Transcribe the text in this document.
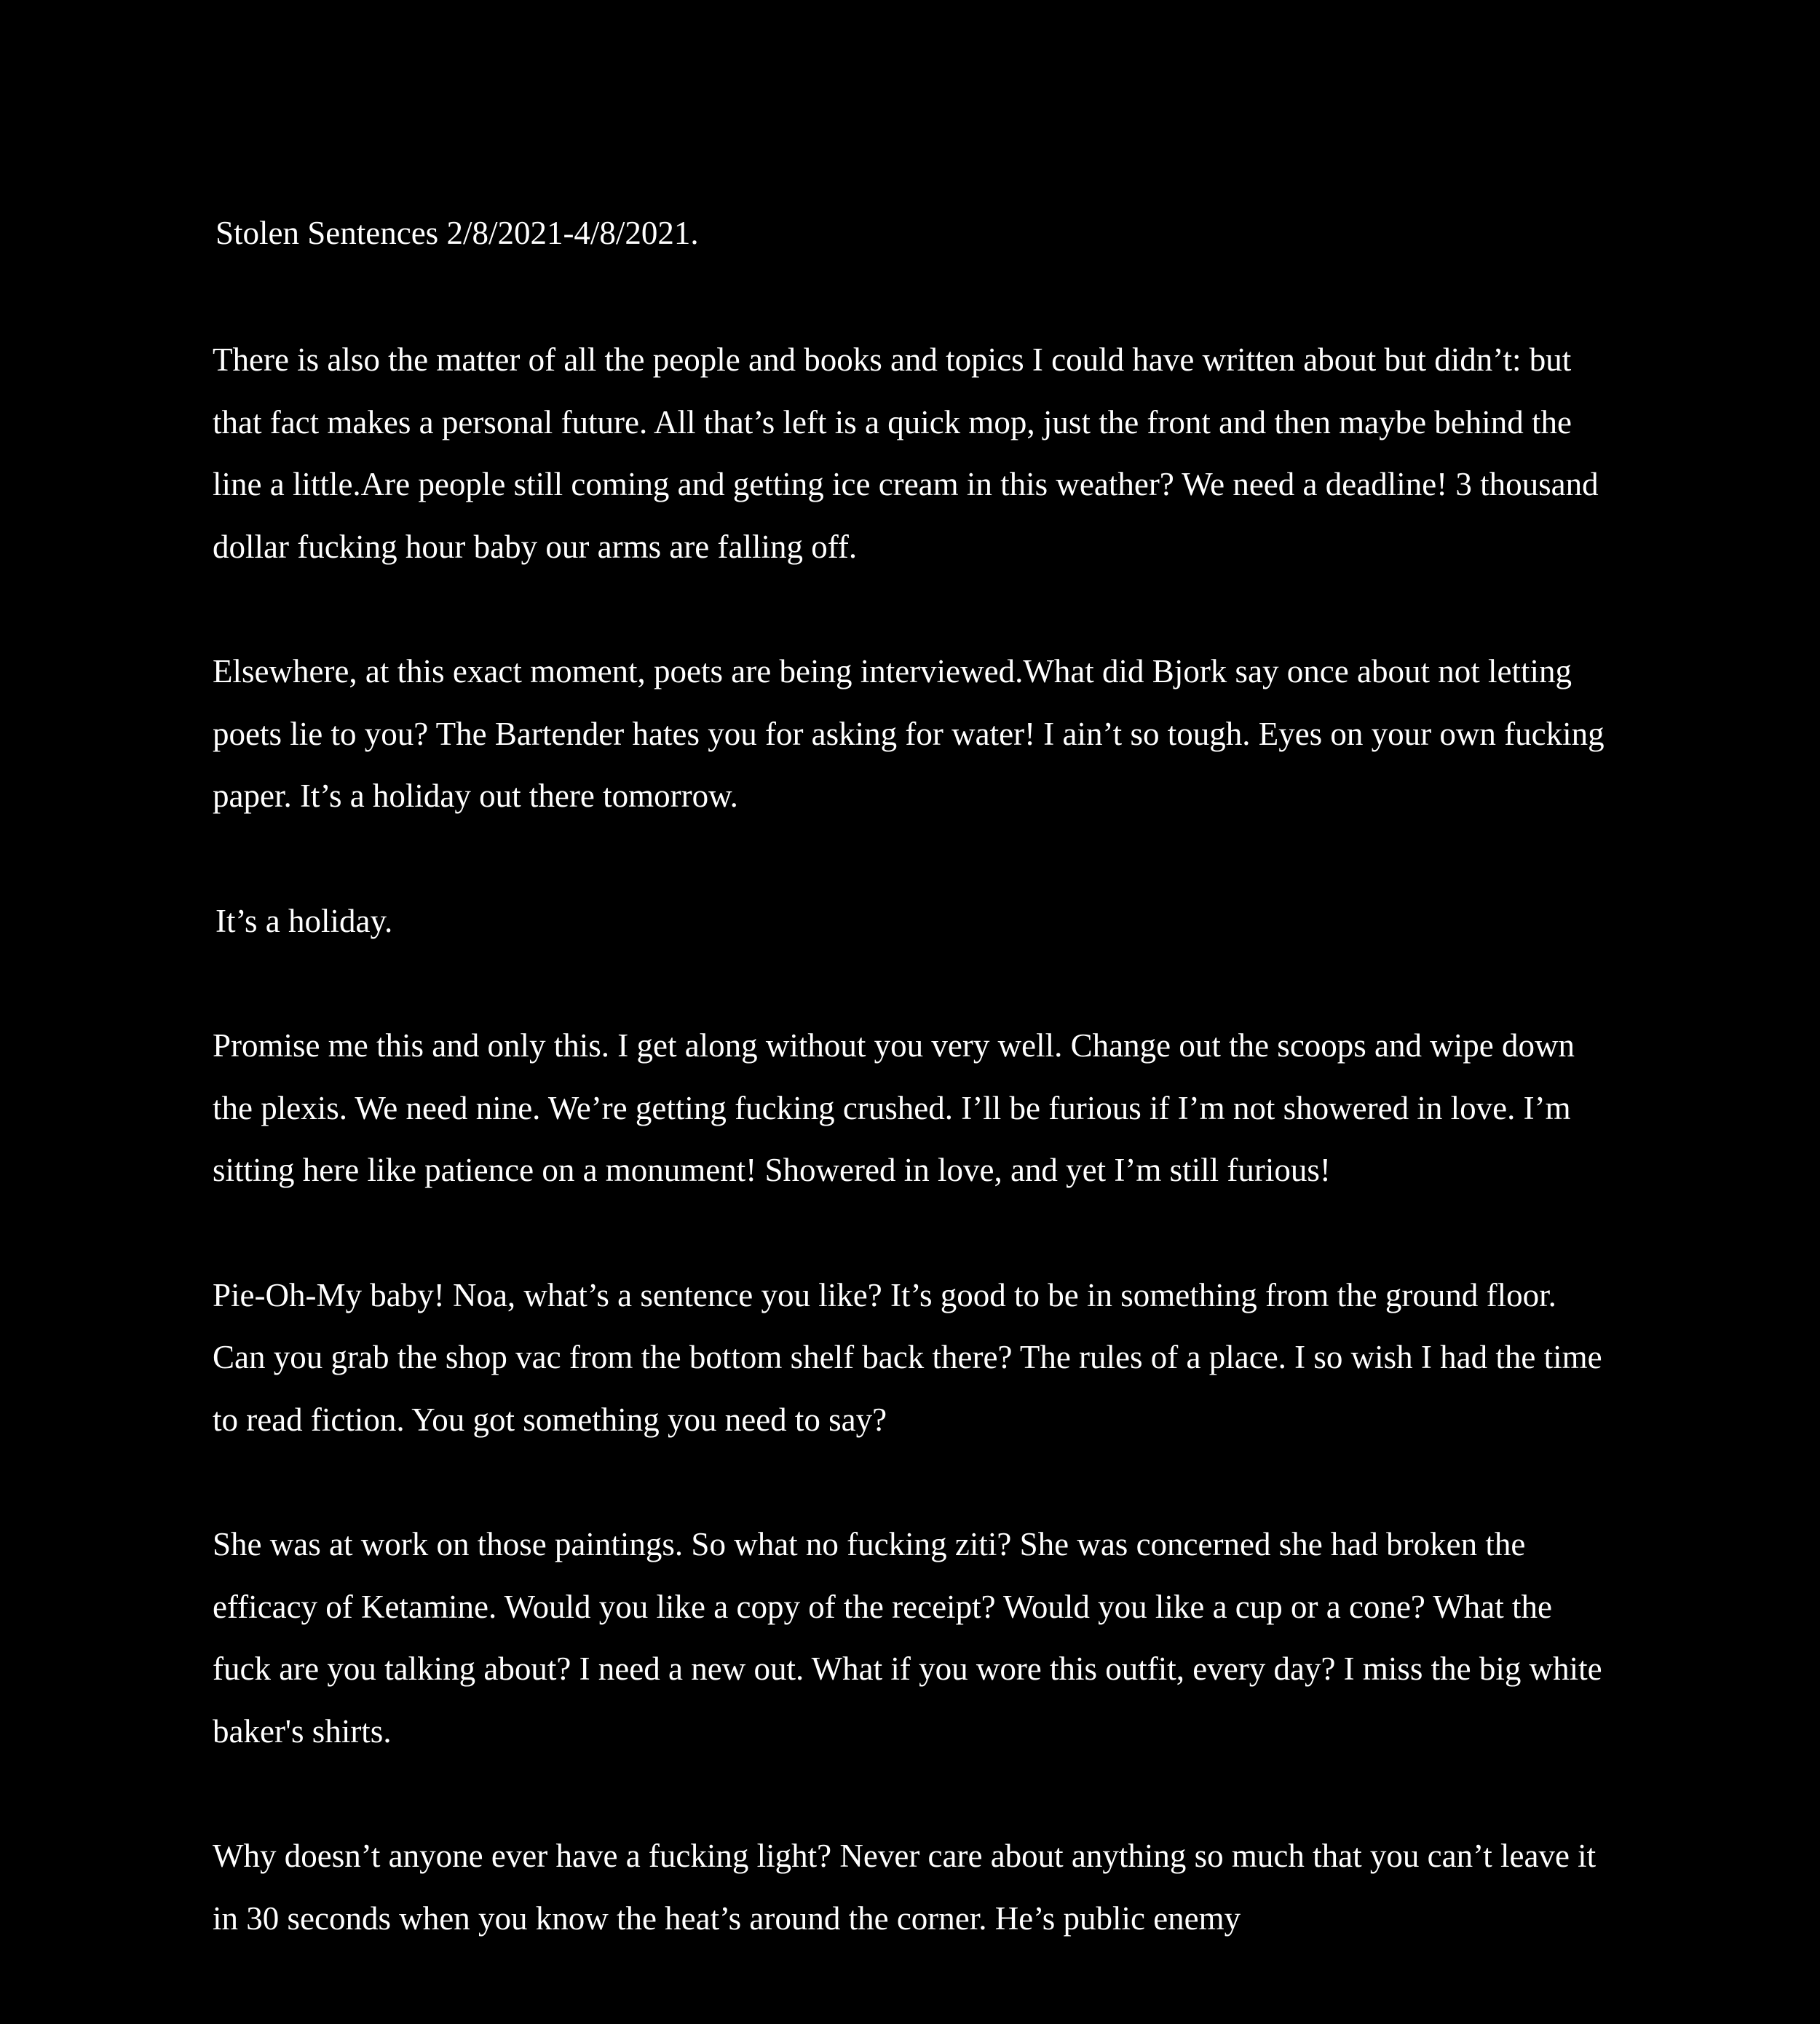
Stolen Sentences 2/8/2021-4/8/2021.

There is also the matter of all the people and books and topics I could have written about but didn’t: but that fact makes a personal future. All that’s left is a quick mop, just the front and then maybe behind the line a little.Are people still coming and getting ice cream in this weather? We need a deadline! 3 thousand dollar fucking hour baby our arms are falling off.

Elsewhere, at this exact moment, poets are being interviewed.What did Bjork say once about not letting poets lie to you? The Bartender hates you for asking for water! I ain’t so tough. Eyes on your own fucking paper. It’s a holiday out there tomorrow.

It’s a holiday.

Promise me this and only this. I get along without you very well. Change out the scoops and wipe down the plexis. We need nine. We’re getting fucking crushed. I’ll be furious if I’m not showered in love. I’m sitting here like patience on a monument! Showered in love, and yet I’m still furious!

Pie-Oh-My baby! Noa, what’s a sentence you like? It’s good to be in something from the ground floor. Can you grab the shop vac from the bottom shelf back there? The rules of a place. I so wish I had the time to read fiction. You got something you need to say?

She was at work on those paintings. So what no fucking ziti? She was concerned she had broken the efficacy of Ketamine. Would you like a copy of the receipt? Would you like a cup or a cone? What the fuck are you talking about? I need a new out. What if you wore this outfit, every day? I miss the big white baker's shirts.

Why doesn’t anyone ever have a fucking light? Never care about anything so much that you can’t leave it in 30 seconds when you know the heat’s around the corner. He’s public enemy
